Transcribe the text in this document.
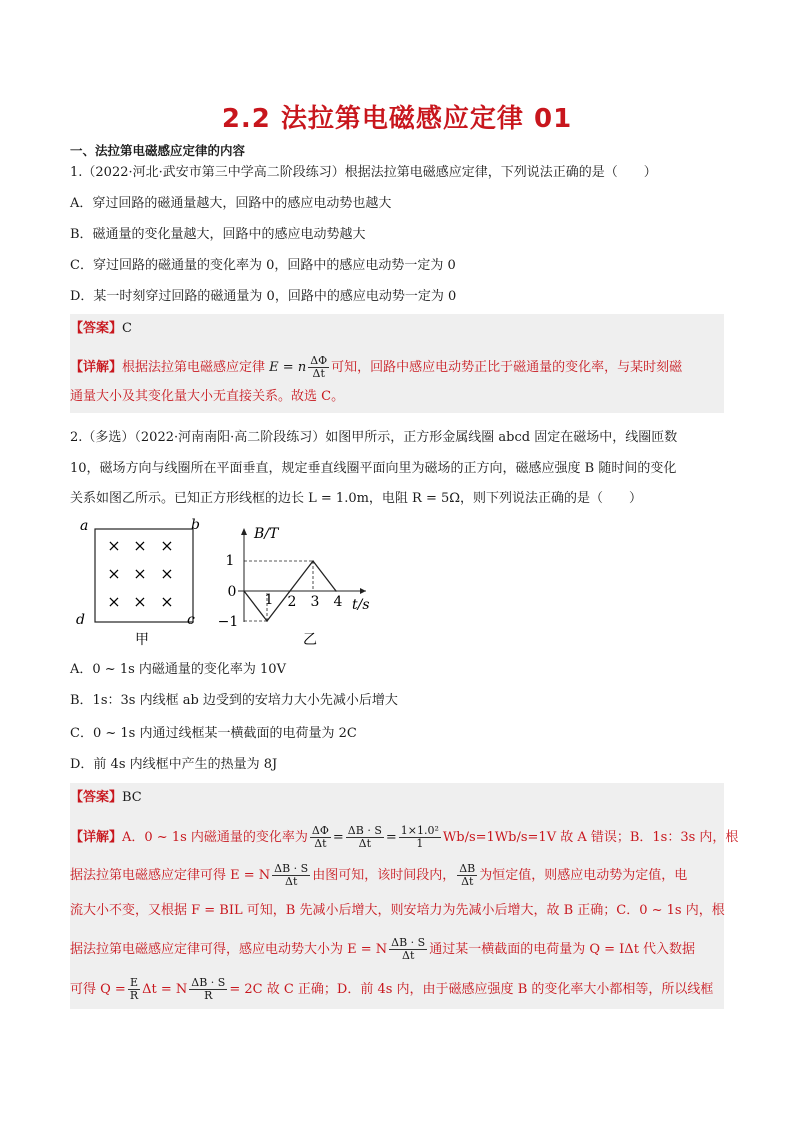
2.2 法拉第电磁感应定律 01
一、法拉第电磁感应定律的内容
1.（2022·河北·武安市第三中学高二阶段练习）根据法拉第电磁感应定律，下列说法正确的是（　　）
A．穿过回路的磁通量越大，回路中的感应电动势也越大
B．磁通量的变化量越大，回路中的感应电动势越大
C．穿过回路的磁通量的变化率为 0，回路中的感应电动势一定为 0
D．某一时刻穿过回路的磁通量为 0，回路中的感应电动势一定为 0
【答案】C
【详解】根据法拉第电磁感应定律 E = n $\frac{\Delta\Phi}{\Delta t}$ 可知，回路中感应电动势正比于磁通量的变化率，与某时刻磁
通量大小及其变化量大小无直接关系。故选 C。
2.（多选）（2022·河南南阳·高二阶段练习）如图甲所示，正方形金属线圈 abcd 固定在磁场中，线圈匝数
10，磁场方向与线圈所在平面垂直，规定垂直线圈平面向里为磁场的正方向，磁感应强度 B 随时间的变化
关系如图乙所示。已知正方形线框的边长 L = 1.0m，电阻 R = 5Ω，则下列说法正确的是（　　）
a	b
c
d
× × ×
× × ×
× × ×
甲
B/T
t/s
1
0
−1
1 2 3 4
乙
A．0 ~ 1s 内磁通量的变化率为 10V
B．1s：3s 内线框 ab 边受到的安培力大小先减小后增大
C．0 ~ 1s 内通过线框某一横截面的电荷量为 2C
D．前 4s 内线框中产生的热量为 8J
【答案】BC
【详解】A．0 ~ 1s 内磁通量的变化率为 $\frac{\Delta\Phi}{\Delta t} = \frac{\Delta B \cdot S}{\Delta t} = \frac{\text{1×1.0²}}{1} Wb/s=1Wb/s=1V$ 故 A 错误；B．1s：3s 内，根
据法拉第电磁感应定律可得 E = N $\frac{\Delta B \cdot S}{\Delta t}$ 由图可知，该时间段内， $\frac{\Delta B}{\Delta t}$ 为恒定值，则感应电动势为定值，电
流大小不变，又根据 F = BIL 可知，B 先减小后增大，则安培力为先减小后增大，故 B 正确；C．0 ~ 1s 内，根
据法拉第电磁感应定律可得，感应电动势大小为 E = N $\frac{\Delta B \cdot S}{\Delta t}$ 通过某一横截面的电荷量为 Q = IΔt 代入数据
可得 $Q = \frac{E}{R}$ Δt = N $\frac{\Delta B \cdot S}{R} = 2C$ 故 C 正确；D．前 4s 内，由于磁感应强度 B 的变化率大小都相等，所以线框
